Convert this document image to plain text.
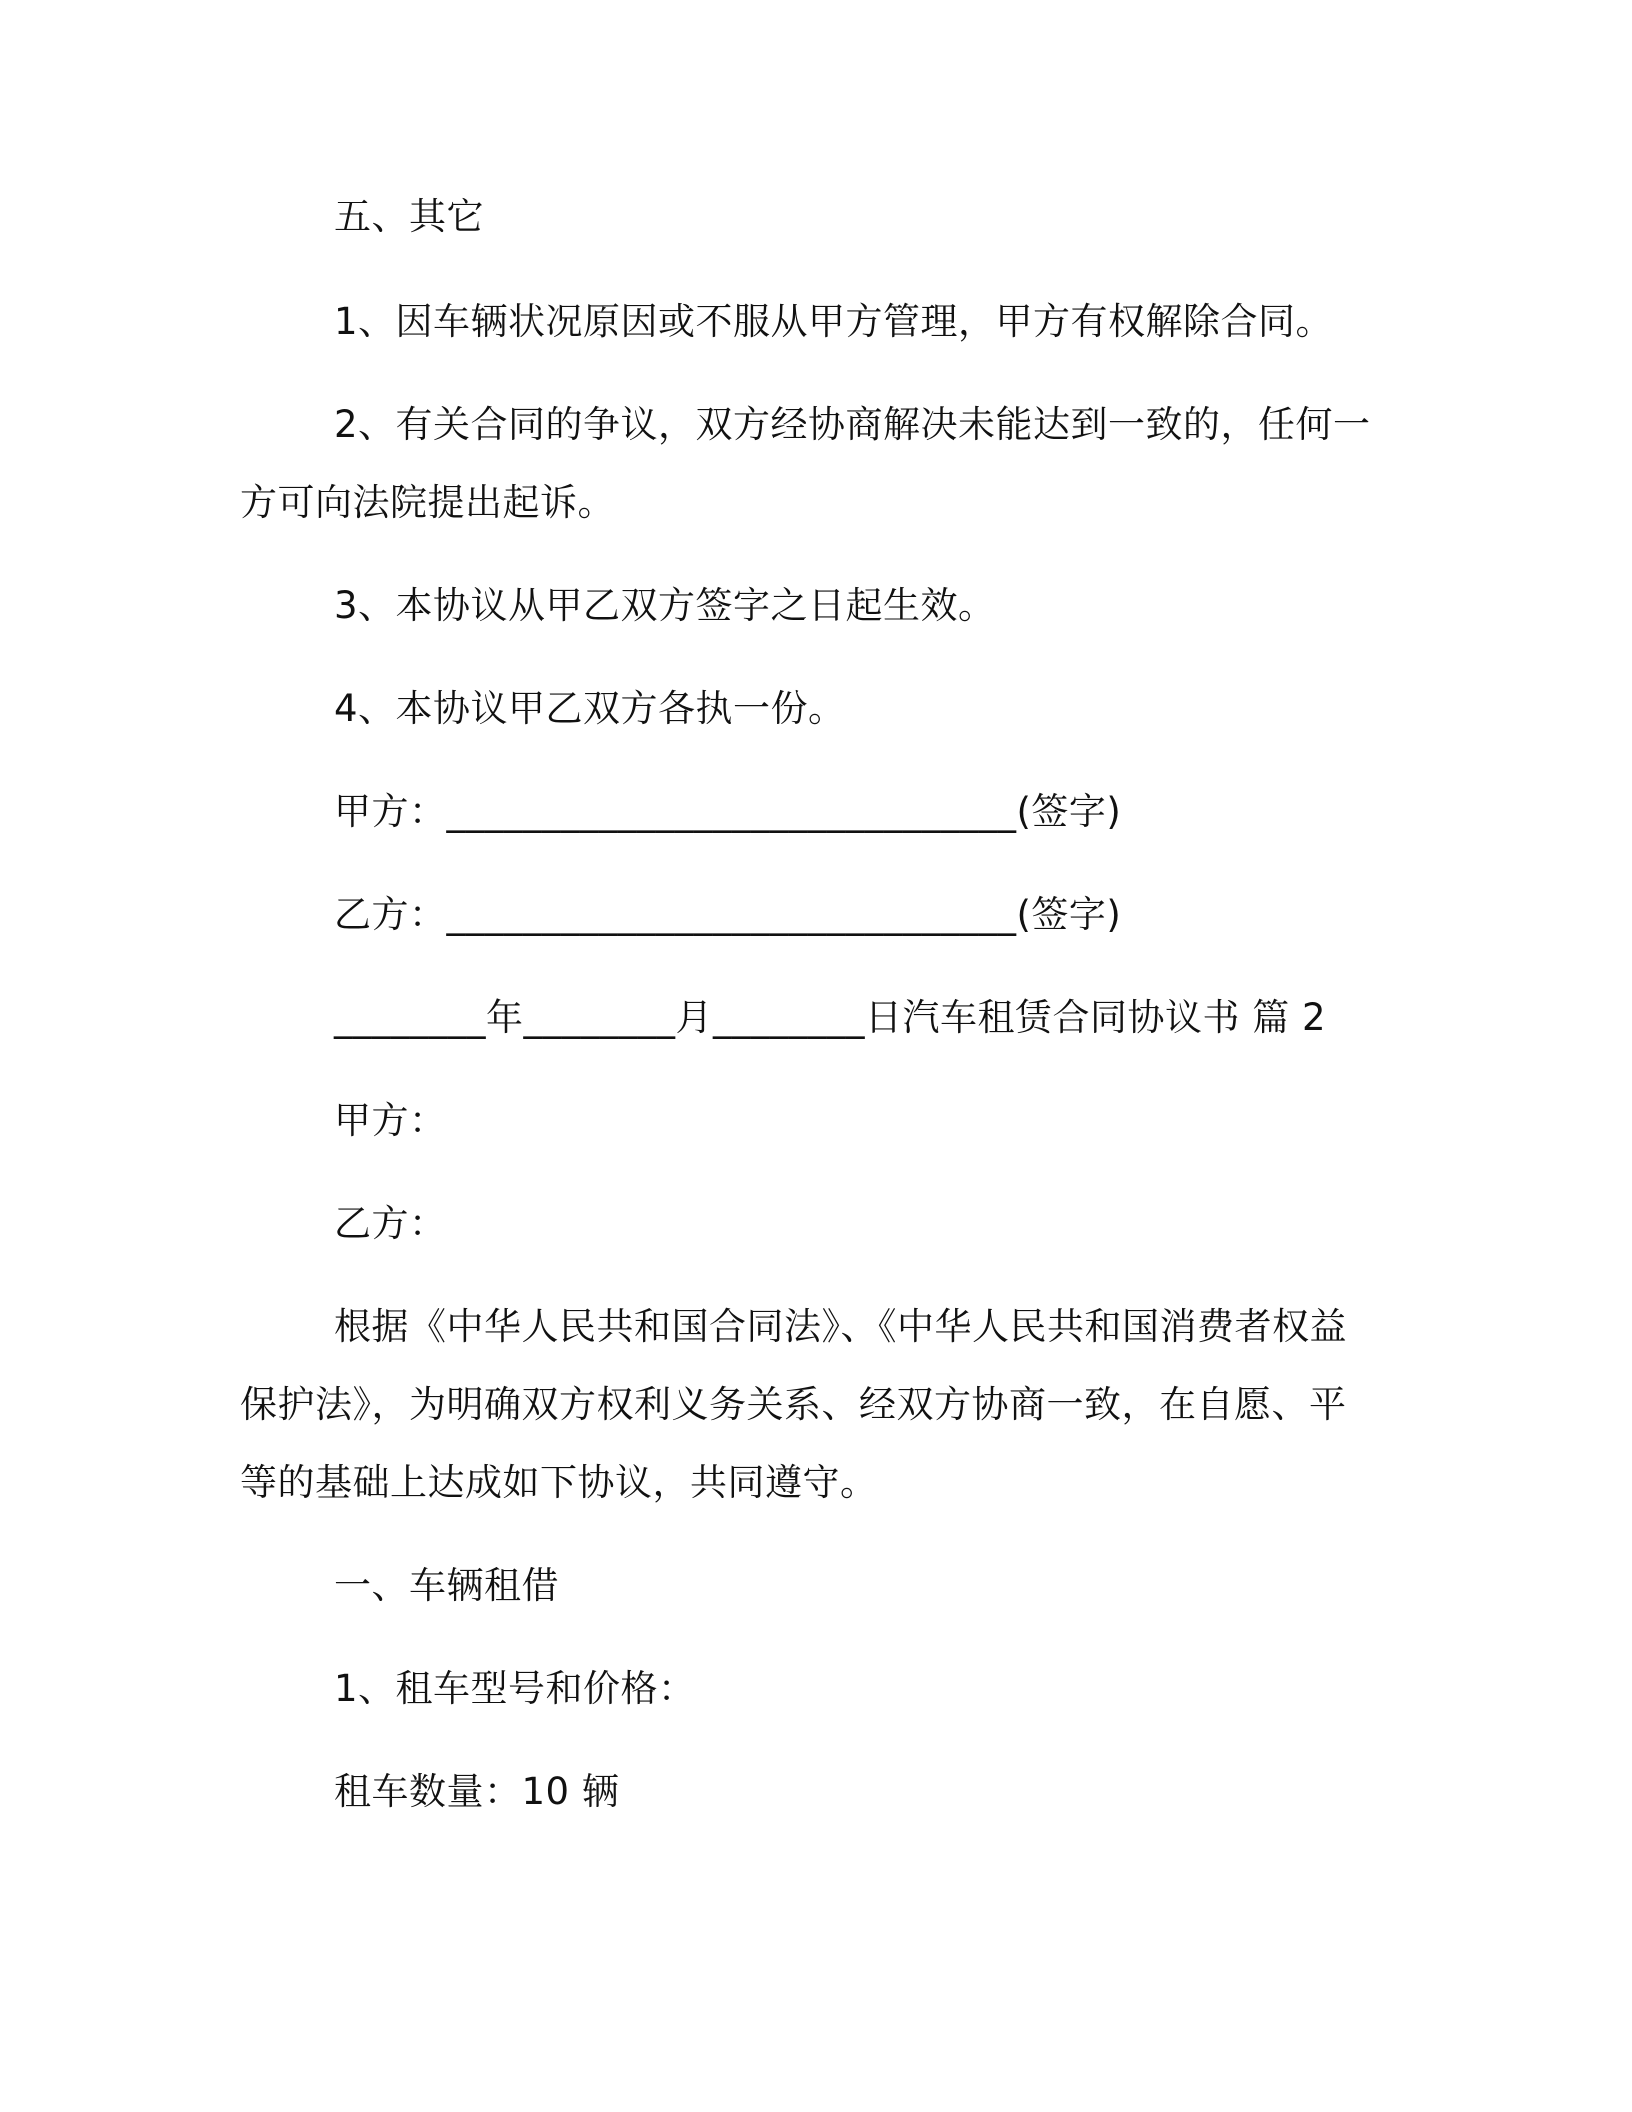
五、其它
1、因车辆状况原因或不服从甲方管理，甲方有权解除合同。
2、有关合同的争议，双方经协商解决未能达到一致的，任何一
方可向法院提出起诉。
3、本协议从甲乙双方签字之日起生效。
4、本协议甲乙双方各执一份。
甲方：______________________________(签字)
乙方：______________________________(签字)
________年________月________日汽车租赁合同协议书 篇 2
甲方：
乙方：
根据《中华人民共和国合同法》、《中华人民共和国消费者权益
保护法》，为明确双方权利义务关系、经双方协商一致，在自愿、平
等的基础上达成如下协议，共同遵守。
一、车辆租借
1、租车型号和价格：
租车数量：10 辆
